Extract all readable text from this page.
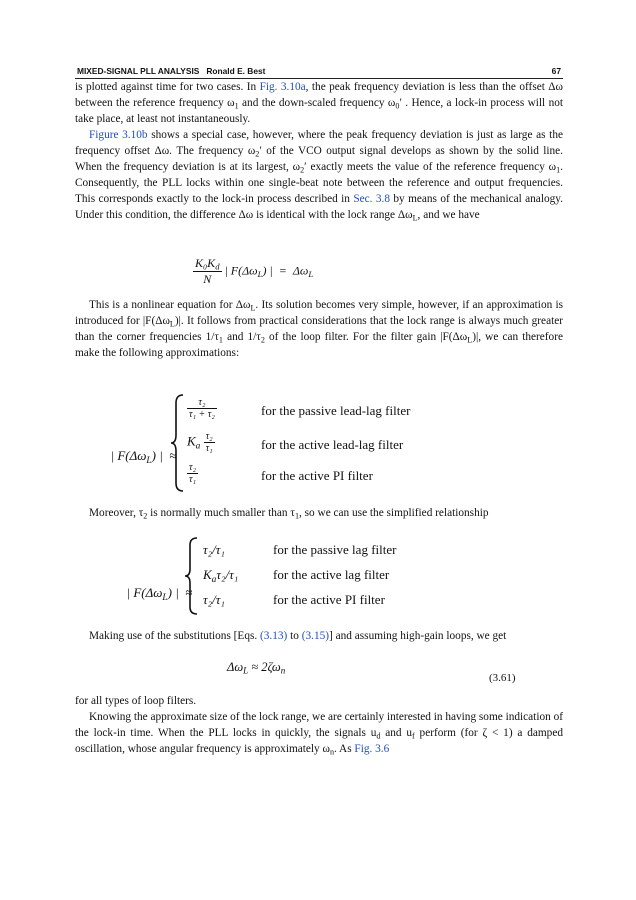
MIXED-SIGNAL PLL ANALYSIS   Ronald E. Best	67
is plotted against time for two cases. In Fig. 3.10a, the peak frequency deviation is less than the offset Δω between the reference frequency $\omega_1$ and the down-scaled frequency $\omega_0'$ . Hence, a lock-in process will not take place, at least not instantaneously.
Figure 3.10b shows a special case, however, where the peak frequency deviation is just as large as the frequency offset Δω. The frequency $\omega_2'$ of the VCO output signal develops as shown by the solid line. When the frequency deviation is at its largest, $\omega_2'$ exactly meets the value of the reference frequency $\omega_1$. Consequently, the PLL locks within one single-beat note between the reference and output frequencies. This corresponds exactly to the lock-in process described in Sec. 3.8 by means of the mechanical analogy. Under this condition, the difference Δω is identical with the lock range $\Delta\omega_L$, and we have
$\frac{K_0K_d}{N}$ | $F(\Delta\omega_L)$ |  =  $\Delta\omega_L$
This is a nonlinear equation for $\Delta\omega_L$. Its solution becomes very simple, however, if an approximation is introduced for $|F(\Delta\omega_L)|$. It follows from practical considerations that the lock range is always much greater than the corner frequencies $1/\tau_1$ and $1/\tau_2$ of the loop filter. For the filter gain $|F(\Delta\omega_L)|$, we can therefore make the following approximations:

| $F(\Delta\omega_L)$ |  ≈

$\frac{\text{τ₂}}{\text{τ₁ + τ₂}}$	for the passive lead-lag filter
$K_a \frac{\text{τ₂}}{\text{τ₁}}$	for the active lead-lag filter
$\frac{\text{τ₂}}{\text{τ₁}}$	for the active PI filter
Moreover, $\tau_2$ is normally much smaller than $\tau_1$, so we can use the simplified relationship

| $F(\Delta\omega_L)$ |  ≈

τ₂/τ₁	for the passive lag filter
$K_a\tau_2/\tau_1$	for the active lag filter
τ₂/τ₁	for the active PI filter
Making use of the substitutions [Eqs. (3.13) to (3.15)] and assuming high-gain loops, we get
$\Delta\omega_L \approx 2\zeta\omega_n$
(3.61)
for all types of loop filters.
Knowing the approximate size of the lock range, we are certainly interested in having some indication of the lock-in time. When the PLL locks in quickly, the signals $u_d$ and $u_f$ perform (for ζ < 1) a damped oscillation, whose angular frequency is approximately $\omega_n$. As Fig. 3.6
